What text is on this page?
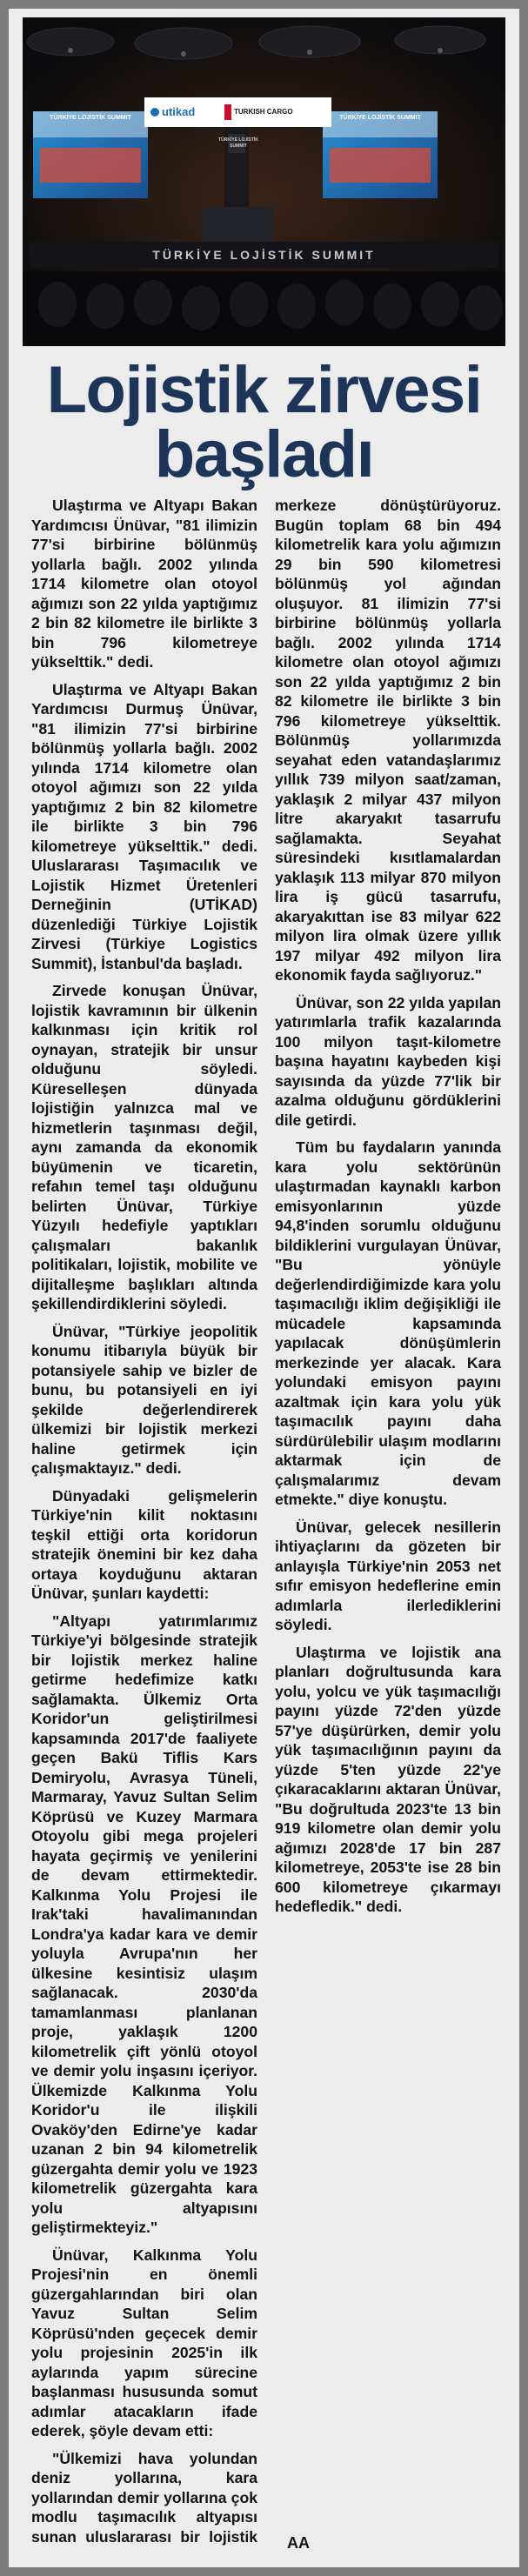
TÜRKİYE LOJİSTİK SUMMIT	TÜRKİYE LOJİSTİK SUMMIT
utikad	TURKISH CARGO
TÜRKİYE LOJİSTİK SUMMIT
TÜRKİYE LOJİSTİK SUMMIT
Lojistik zirvesi
başladı

Ulaştırma ve Altyapı Bakan Yardımcısı Ünüvar, "81 ilimizin 77'si birbirine bölünmüş yollarla bağlı. 2002 yılında 1714 kilometre olan otoyol ağımızı son 22 yılda yaptığımız 2 bin 82 kilometre ile birlikte 3 bin 796 kilometreye yükselttik." dedi.

Ulaştırma ve Altyapı Bakan Yardımcısı Durmuş Ünüvar, "81 ilimizin 77'si birbirine bölünmüş yollarla bağlı. 2002 yılında 1714 kilometre olan otoyol ağımızı son 22 yılda yaptığımız 2 bin 82 kilometre ile birlikte 3 bin 796 kilometreye yükselttik." dedi. Uluslararası Taşımacılık ve Lojistik Hizmet Üretenleri Derneğinin (UTİKAD) düzenlediği Türkiye Lojistik Zirvesi (Türkiye Logistics Summit), İstanbul'da başladı.

Zirvede konuşan Ünüvar, lojistik kavramının bir ülkenin kalkınması için kritik rol oynayan, stratejik bir unsur olduğunu söyledi. Küreselleşen dünyada lojistiğin yalnızca mal ve hizmetlerin taşınması değil, aynı zamanda da ekonomik büyümenin ve ticaretin, refahın temel taşı olduğunu belirten Ünüvar, Türkiye Yüzyılı hedefiyle yaptıkları çalışmaları bakanlık politikaları, lojistik, mobilite ve dijitalleşme başlıkları altında şekillendirdiklerini söyledi.

Ünüvar, "Türkiye jeopolitik konumu itibarıyla büyük bir potansiyele sahip ve bizler de bunu, bu potansiyeli en iyi şekilde değerlendirerek ülkemizi bir lojistik merkezi haline getirmek için çalışmaktayız." dedi.

Dünyadaki gelişmelerin Türkiye'nin kilit noktasını teşkil ettiği orta koridorun stratejik önemini bir kez daha ortaya koyduğunu aktaran Ünüvar, şunları kaydetti:

"Altyapı yatırımlarımız Türkiye'yi bölgesinde stratejik bir lojistik merkez haline getirme hedefimize katkı sağlamakta. Ülkemiz Orta Koridor'un geliştirilmesi kapsamında 2017'de faaliyete geçen Bakü Tiflis Kars Demiryolu, Avrasya Tüneli, Marmaray, Yavuz Sultan Selim Köprüsü ve Kuzey Marmara Otoyolu gibi mega projeleri hayata geçirmiş ve yenilerini de devam ettirmektedir. Kalkınma Yolu Projesi ile Irak'taki havalimanından Londra'ya kadar kara ve demir yoluyla Avrupa'nın her ülkesine kesintisiz ulaşım sağlanacak. 2030'da tamamlanması planlanan proje, yaklaşık 1200 kilometrelik çift yönlü otoyol ve demir yolu inşasını içeriyor. Ülkemizde Kalkınma Yolu Koridor'u ile ilişkili Ovaköy'den Edirne'ye kadar uzanan 2 bin 94 kilometrelik güzergahta demir yolu ve 1923 kilometrelik güzergahta kara yolu altyapısını geliştirmekteyiz."

Ünüvar, Kalkınma Yolu Projesi'nin en önemli güzergahlarından biri olan Yavuz Sultan Selim Köprüsü'nden geçecek demir yolu projesinin 2025'in ilk aylarında yapım sürecine başlanması hususunda somut adımlar atacakların ifade ederek, şöyle devam etti:

"Ülkemizi hava yolundan deniz yollarına, kara yollarından demir yollarına çok modlu taşımacılık altyapısı sunan uluslararası bir lojistik merkeze dönüştürüyoruz. Bugün toplam 68 bin 494 kilometrelik kara yolu ağımızın 29 bin 590 kilometresi bölünmüş yol ağından oluşuyor. 81 ilimizin 77'si birbirine bölünmüş yollarla bağlı. 2002 yılında 1714 kilometre olan otoyol ağımızı son 22 yılda yaptığımız 2 bin 82 kilometre ile birlikte 3 bin 796 kilometreye yükselttik. Bölünmüş yollarımızda seyahat eden vatandaşlarımız yıllık 739 milyon saat/zaman, yaklaşık 2 milyar 437 milyon litre akaryakıt tasarrufu sağlamakta. Seyahat süresindeki kısıtlamalardan yaklaşık 113 milyar 870 milyon lira iş gücü tasarrufu, akaryakıttan ise 83 milyar 622 milyon lira olmak üzere yıllık 197 milyar 492 milyon lira ekonomik fayda sağlıyoruz."

Ünüvar, son 22 yılda yapılan yatırımlarla trafik kazalarında 100 milyon taşıt-kilometre başına hayatını kaybeden kişi sayısında da yüzde 77'lik bir azalma olduğunu gördüklerini dile getirdi.

Tüm bu faydaların yanında kara yolu sektörünün ulaştırmadan kaynaklı karbon emisyonlarının yüzde 94,8'inden sorumlu olduğunu bildiklerini vurgulayan Ünüvar, "Bu yönüyle değerlendirdiğimizde kara yolu taşımacılığı iklim değişikliği ile mücadele kapsamında yapılacak dönüşümlerin merkezinde yer alacak. Kara yolundaki emisyon payını azaltmak için kara yolu yük taşımacılık payını daha sürdürülebilir ulaşım modlarını aktarmak için de çalışmalarımız devam etmekte." diye konuştu.

Ünüvar, gelecek nesillerin ihtiyaçlarını da gözeten bir anlayışla Türkiye'nin 2053 net sıfır emisyon hedeflerine emin adımlarla ilerlediklerini söyledi.

Ulaştırma ve lojistik ana planları doğrultusunda kara yolu, yolcu ve yük taşımacılığı payını yüzde 72'den yüzde 57'ye düşürürken, demir yolu yük taşımacılığının payını da yüzde 5'ten yüzde 22'ye çıkaracaklarını aktaran Ünüvar, "Bu doğrultuda 2023'te 13 bin 919 kilometre olan demir yolu ağımızı 2028'de 17 bin 287 kilometreye, 2053'te ise 28 bin 600 kilometreye çıkarmayı hedefledik." dedi.

AA
